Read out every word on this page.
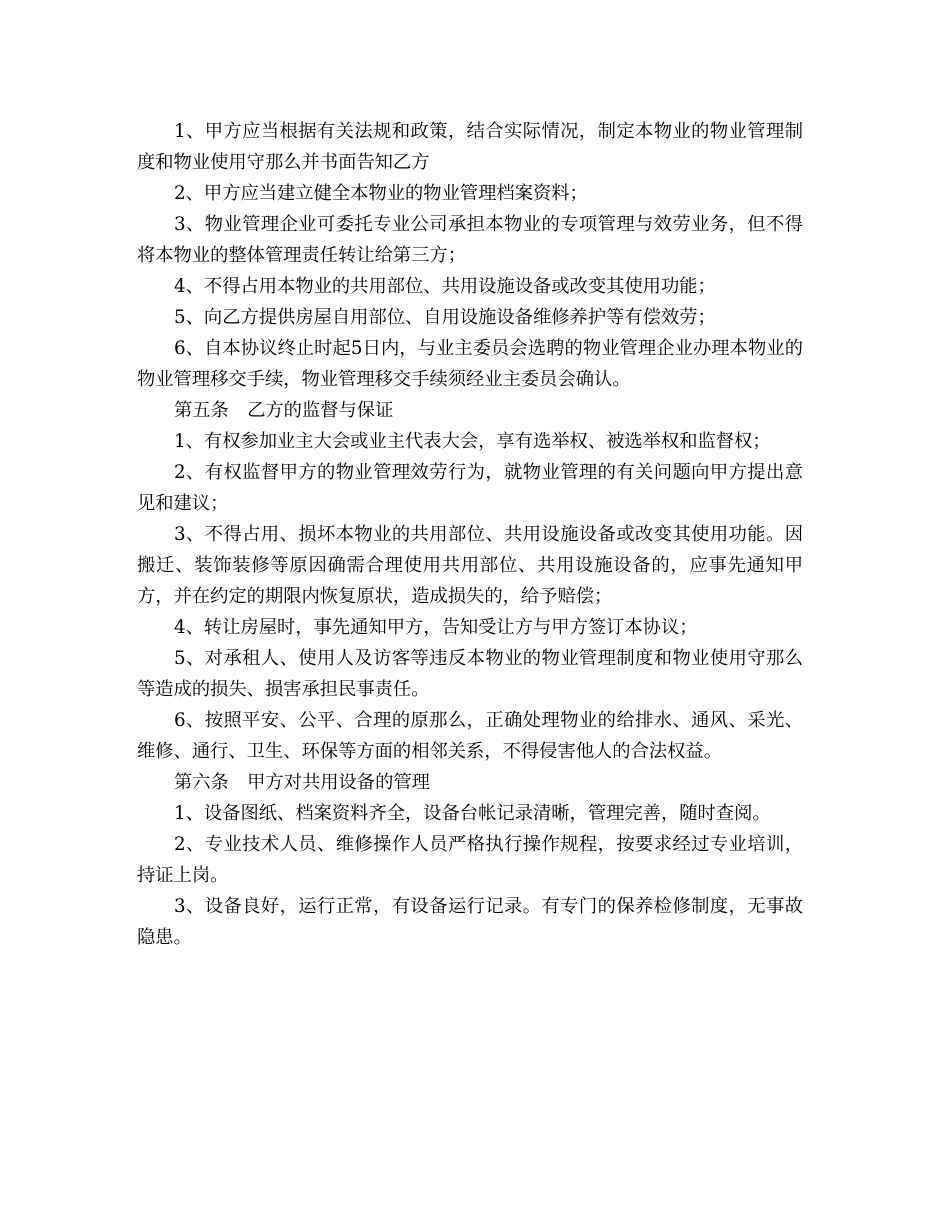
1、甲方应当根据有关法规和政策，结合实际情况，制定本物业的物业管理制度和物业使用守那么并书面告知乙方

2、甲方应当建立健全本物业的物业管理档案资料；

3、物业管理企业可委托专业公司承担本物业的专项管理与效劳业务，但不得将本物业的整体管理责任转让给第三方；

4、不得占用本物业的共用部位、共用设施设备或改变其使用功能；

5、向乙方提供房屋自用部位、自用设施设备维修养护等有偿效劳；

6、自本协议终止时起5日内，与业主委员会选聘的物业管理企业办理本物业的物业管理移交手续，物业管理移交手续须经业主委员会确认。

第五条　乙方的监督与保证

1、有权参加业主大会或业主代表大会，享有选举权、被选举权和监督权；

2、有权监督甲方的物业管理效劳行为，就物业管理的有关问题向甲方提出意见和建议；

3、不得占用、损坏本物业的共用部位、共用设施设备或改变其使用功能。因搬迁、装饰装修等原因确需合理使用共用部位、共用设施设备的，应事先通知甲方，并在约定的期限内恢复原状，造成损失的，给予赔偿；

4、转让房屋时，事先通知甲方，告知受让方与甲方签订本协议；

5、对承租人、使用人及访客等违反本物业的物业管理制度和物业使用守那么等造成的损失、损害承担民事责任。

6、按照平安、公平、合理的原那么，正确处理物业的给排水、通风、采光、维修、通行、卫生、环保等方面的相邻关系，不得侵害他人的合法权益。

第六条　甲方对共用设备的管理

1、设备图纸、档案资料齐全，设备台帐记录清晰，管理完善，随时查阅。

2、专业技术人员、维修操作人员严格执行操作规程，按要求经过专业培训，持证上岗。

3、设备良好，运行正常，有设备运行记录。有专门的保养检修制度，无事故隐患。
